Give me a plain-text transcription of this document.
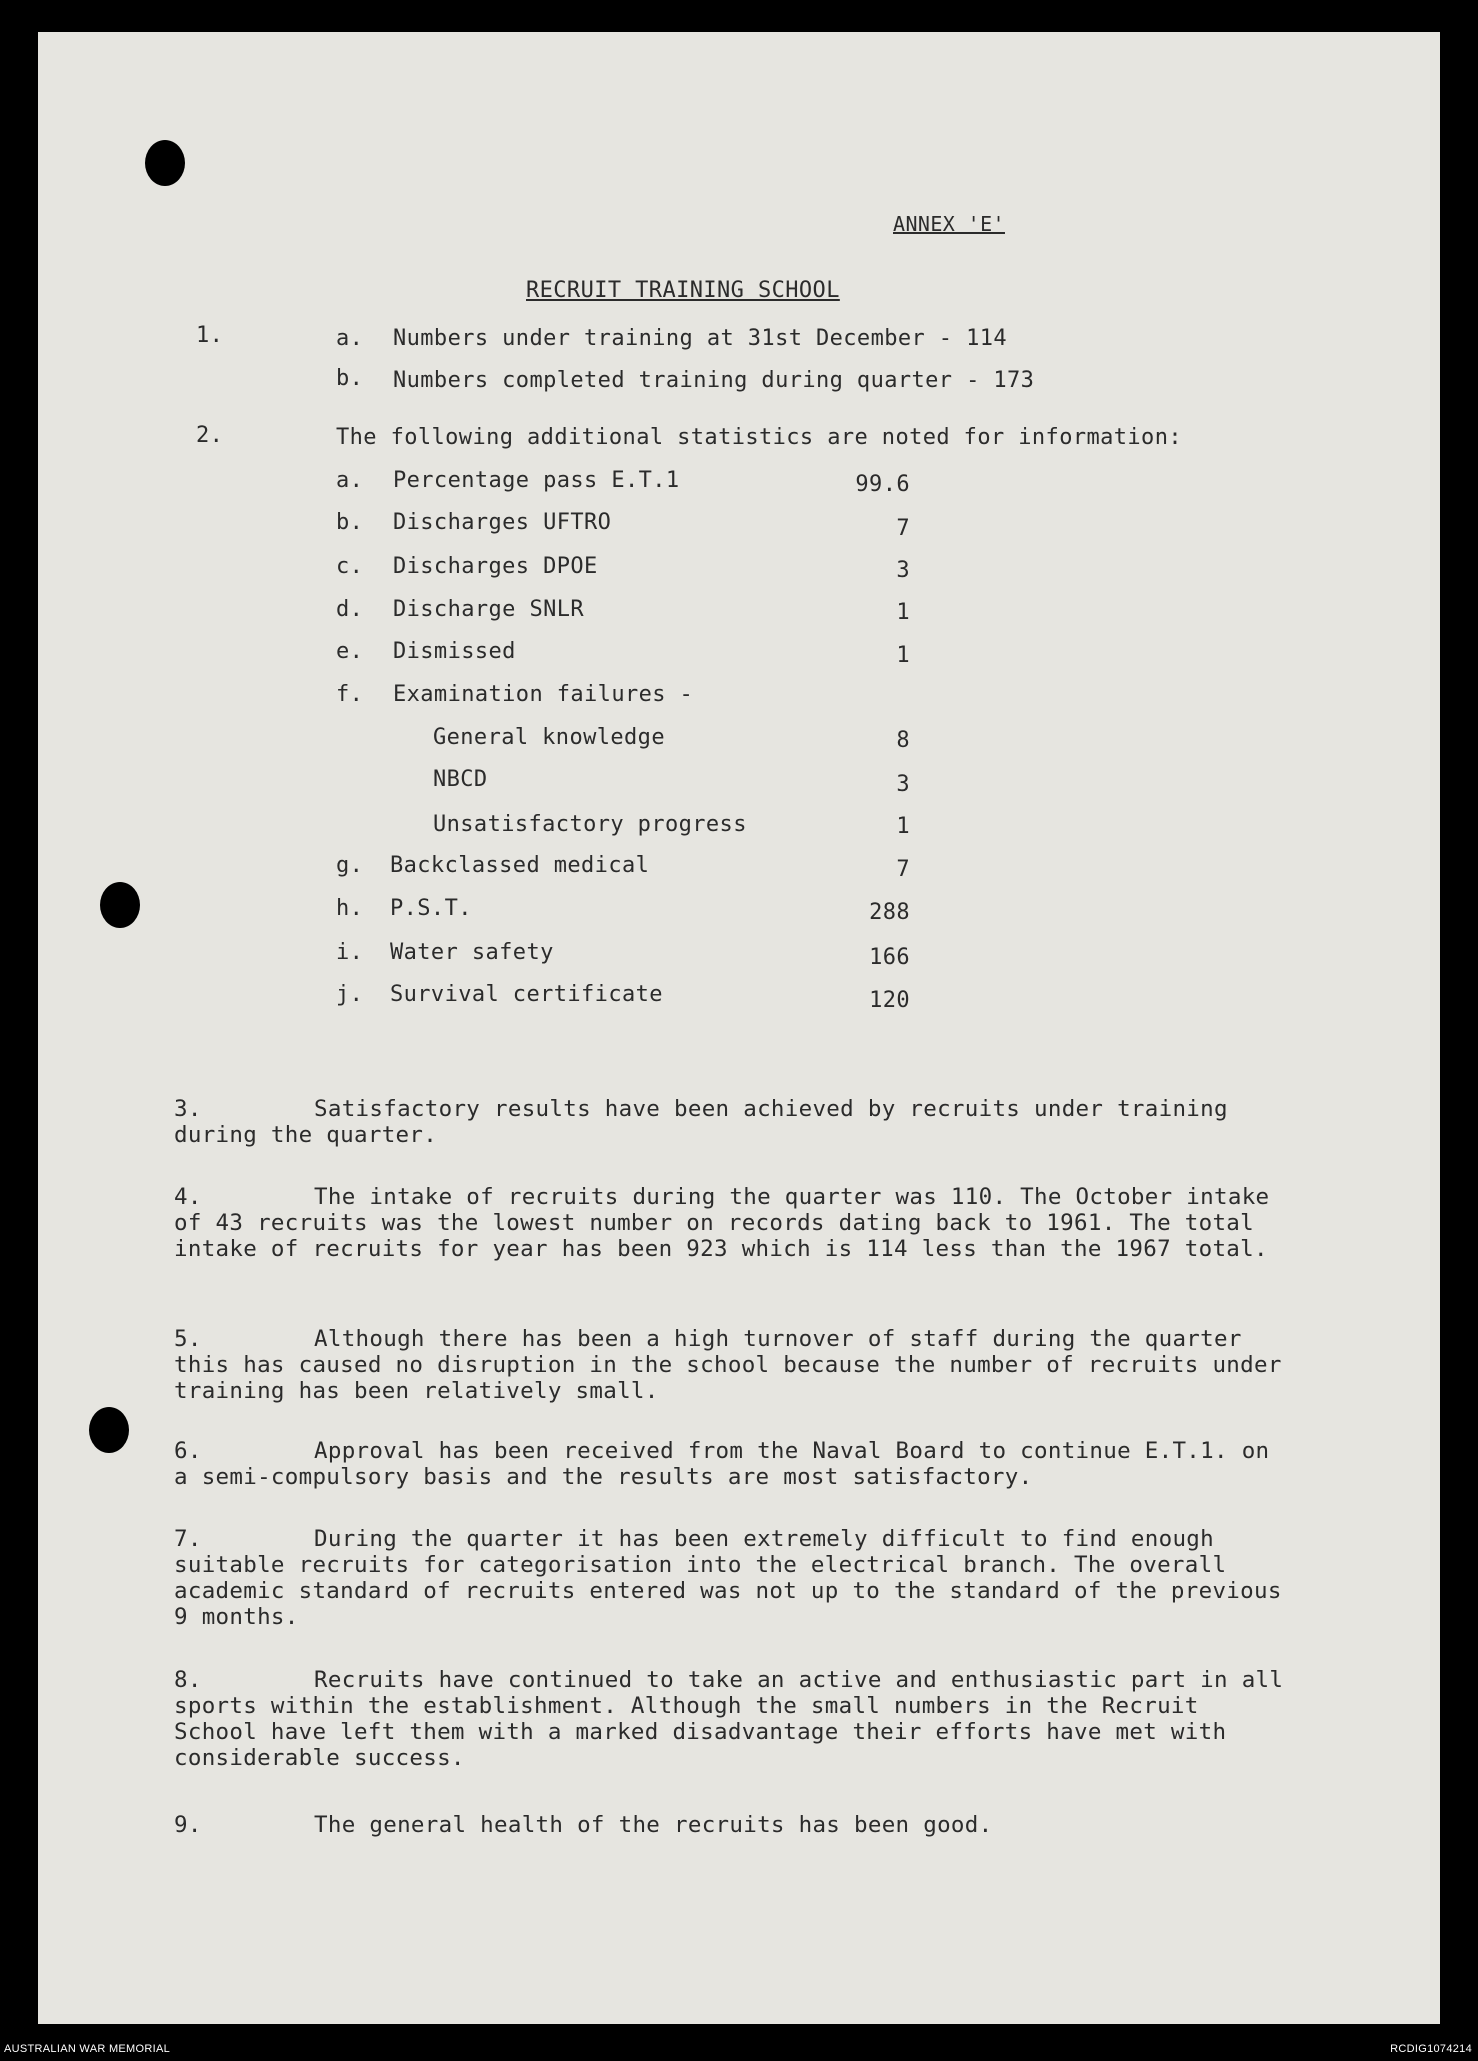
ANNEX 'E'
RECRUIT TRAINING SCHOOL
1.	a. Numbers under training at 31st December - 114
b. Numbers completed training during quarter - 173
2.	The following additional statistics are noted for information:
a. Percentage pass E.T.1	99.6
b. Discharges UFTRO	7
c. Discharges DPOE	3
d. Discharge SNLR	1
e. Dismissed	1
f. Examination failures -
General knowledge	8
NBCD	3
Unsatisfactory progress	1
g. Backclassed medical	7
h. P.S.T.	288
i. Water safety	166
j. Survival certificate	120
3.	Satisfactory results have been achieved by recruits under training during the quarter.
4.	The intake of recruits during the quarter was 110. The October intake of 43 recruits was the lowest number on records dating back to 1961. The total intake of recruits for year has been 923 which is 114 less than the 1967 total.
5.	Although there has been a high turnover of staff during the quarter this has caused no disruption in the school because the number of recruits under training has been relatively small.
6.	Approval has been received from the Naval Board to continue E.T.1. on a semi-compulsory basis and the results are most satisfactory.
7.	During the quarter it has been extremely difficult to find enough suitable recruits for categorisation into the electrical branch. The overall academic standard of recruits entered was not up to the standard of the previous 9 months.
8.	Recruits have continued to take an active and enthusiastic part in all sports within the establishment. Although the small numbers in the Recruit School have left them with a marked disadvantage their efforts have met with considerable success.
9.	The general health of the recruits has been good.
AUSTRALIAN WAR MEMORIAL	RCDIG1074214
